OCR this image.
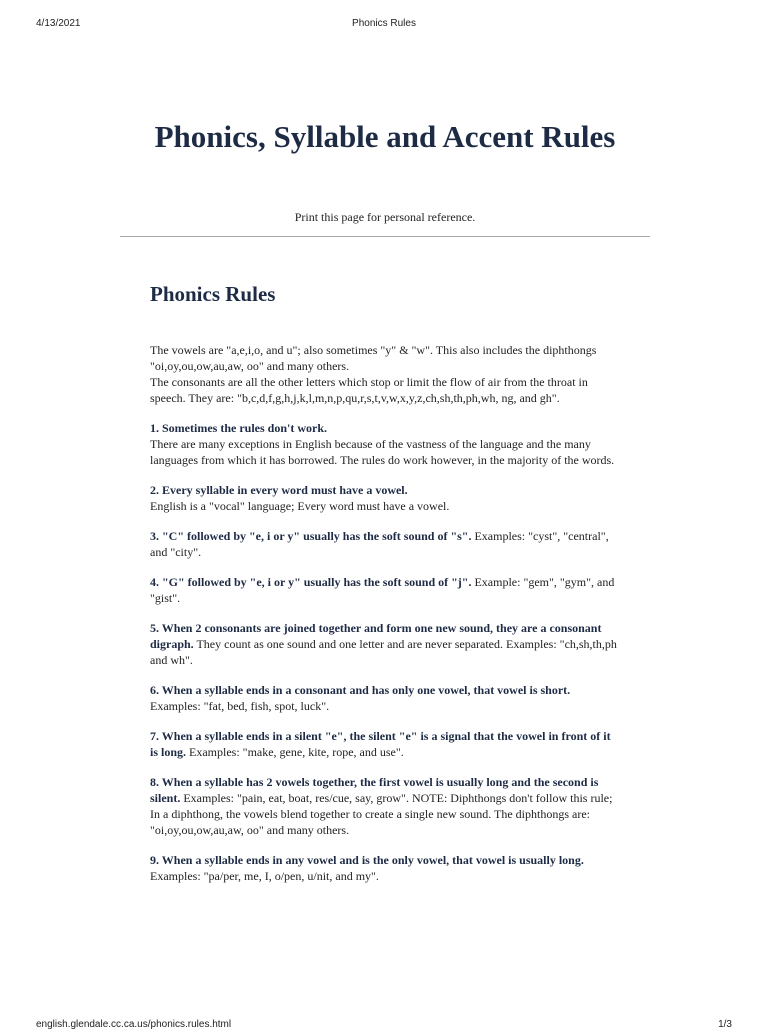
4/13/2021	Phonics Rules
Phonics, Syllable and Accent Rules
Print this page for personal reference.
Phonics Rules

The vowels are "a,e,i,o, and u"; also sometimes "y" & "w". This also includes the diphthongs "oi,oy,ou,ow,au,aw, oo" and many others.
The consonants are all the other letters which stop or limit the flow of air from the throat in speech. They are: "b,c,d,f,g,h,j,k,l,m,n,p,qu,r,s,t,v,w,x,y,z,ch,sh,th,ph,wh, ng, and gh".

1. Sometimes the rules don't work.
There are many exceptions in English because of the vastness of the language and the many languages from which it has borrowed. The rules do work however, in the majority of the words.

2. Every syllable in every word must have a vowel.
English is a "vocal" language; Every word must have a vowel.

3. "C" followed by "e, i or y" usually has the soft sound of "s". Examples: "cyst", "central", and "city".

4. "G" followed by "e, i or y" usually has the soft sound of "j". Example: "gem", "gym", and "gist".

5. When 2 consonants are joined together and form one new sound, they are a consonant digraph. They count as one sound and one letter and are never separated. Examples: "ch,sh,th,ph and wh".

6. When a syllable ends in a consonant and has only one vowel, that vowel is short.
Examples: "fat, bed, fish, spot, luck".

7. When a syllable ends in a silent "e", the silent "e" is a signal that the vowel in front of it is long. Examples: "make, gene, kite, rope, and use".

8. When a syllable has 2 vowels together, the first vowel is usually long and the second is silent. Examples: "pain, eat, boat, res/cue, say, grow". NOTE: Diphthongs don't follow this rule; In a diphthong, the vowels blend together to create a single new sound. The diphthongs are: "oi,oy,ou,ow,au,aw, oo" and many others.

9. When a syllable ends in any vowel and is the only vowel, that vowel is usually long.
Examples: "pa/per, me, I, o/pen, u/nit, and my".

english.glendale.cc.ca.us/phonics.rules.html	1/3
